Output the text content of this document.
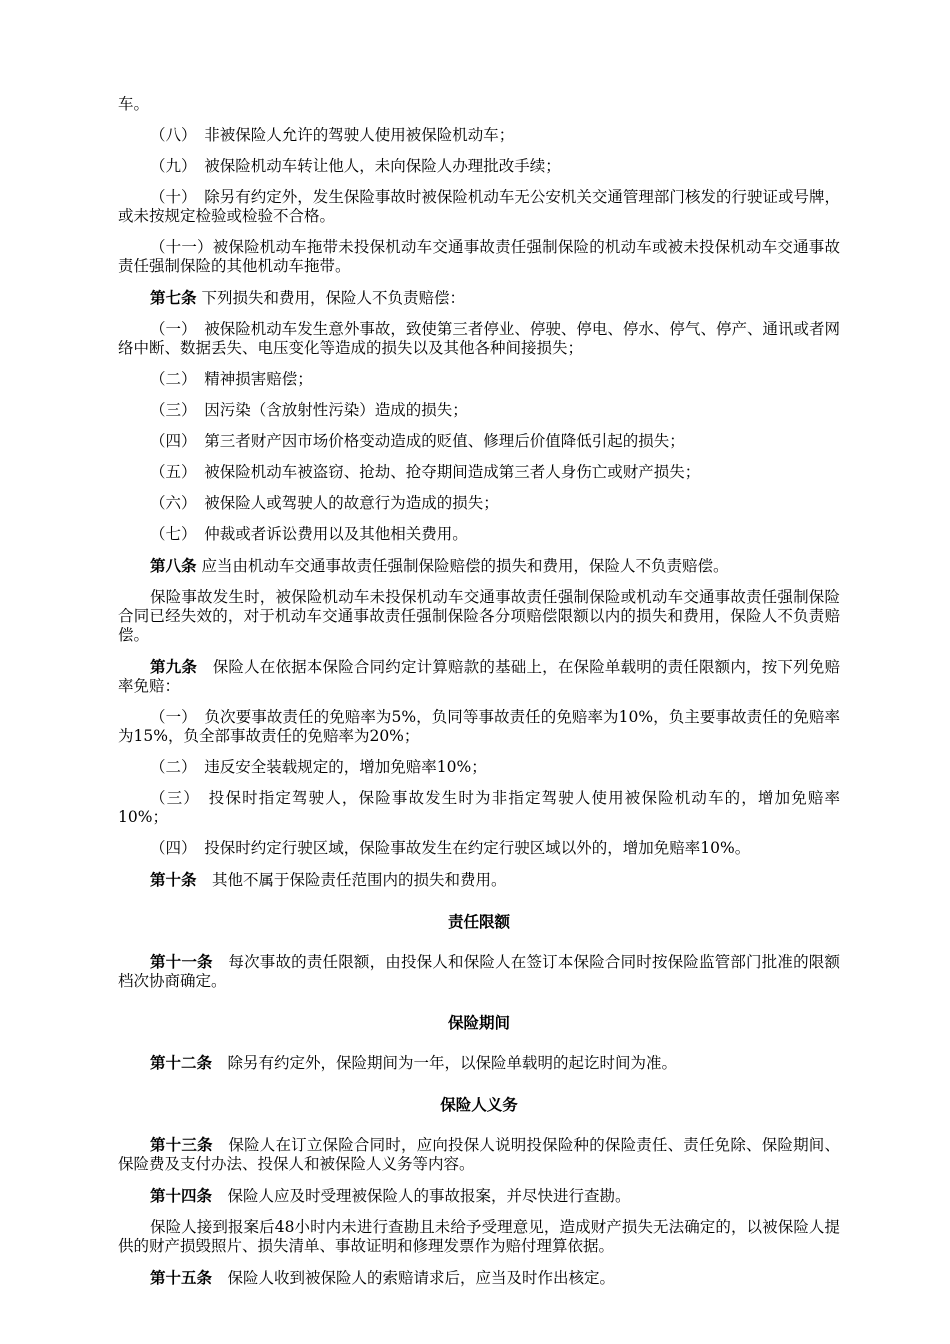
车。

（八）　非被保险人允许的驾驶人使用被保险机动车；

（九）　被保险机动车转让他人，未向保险人办理批改手续；

（十）　除另有约定外，发生保险事故时被保险机动车无公安机关交通管理部门核发的行驶证或号牌，或未按规定检验或检验不合格。

（十一）被保险机动车拖带未投保机动车交通事故责任强制保险的机动车或被未投保机动车交通事故责任强制保险的其他机动车拖带。

第七条 下列损失和费用，保险人不负责赔偿：

（一）　被保险机动车发生意外事故，致使第三者停业、停驶、停电、停水、停气、停产、通讯或者网络中断、数据丢失、电压变化等造成的损失以及其他各种间接损失；

（二）　精神损害赔偿；

（三）　因污染（含放射性污染）造成的损失；

（四）　第三者财产因市场价格变动造成的贬值、修理后价值降低引起的损失；

（五）　被保险机动车被盗窃、抢劫、抢夺期间造成第三者人身伤亡或财产损失；

（六）　被保险人或驾驶人的故意行为造成的损失；

（七）　仲裁或者诉讼费用以及其他相关费用。

第八条 应当由机动车交通事故责任强制保险赔偿的损失和费用，保险人不负责赔偿。

保险事故发生时，被保险机动车未投保机动车交通事故责任强制保险或机动车交通事故责任强制保险合同已经失效的，对于机动车交通事故责任强制保险各分项赔偿限额以内的损失和费用，保险人不负责赔偿。

第九条　保险人在依据本保险合同约定计算赔款的基础上，在保险单载明的责任限额内，按下列免赔率免赔：

（一）　负次要事故责任的免赔率为5%，负同等事故责任的免赔率为10%，负主要事故责任的免赔率为15%，负全部事故责任的免赔率为20%；

（二）　违反安全装载规定的，增加免赔率10%；

（三）　投保时指定驾驶人，保险事故发生时为非指定驾驶人使用被保险机动车的，增加免赔率10%；

（四）　投保时约定行驶区域，保险事故发生在约定行驶区域以外的，增加免赔率10%。

第十条　其他不属于保险责任范围内的损失和费用。

责任限额

第十一条　每次事故的责任限额，由投保人和保险人在签订本保险合同时按保险监管部门批准的限额档次协商确定。

保险期间

第十二条　除另有约定外，保险期间为一年，以保险单载明的起讫时间为准。

保险人义务

第十三条　保险人在订立保险合同时，应向投保人说明投保险种的保险责任、责任免除、保险期间、保险费及支付办法、投保人和被保险人义务等内容。

第十四条　保险人应及时受理被保险人的事故报案，并尽快进行查勘。

保险人接到报案后48小时内未进行查勘且未给予受理意见，造成财产损失无法确定的，以被保险人提供的财产损毁照片、损失清单、事故证明和修理发票作为赔付理算依据。

第十五条　保险人收到被保险人的索赔请求后，应当及时作出核定。
